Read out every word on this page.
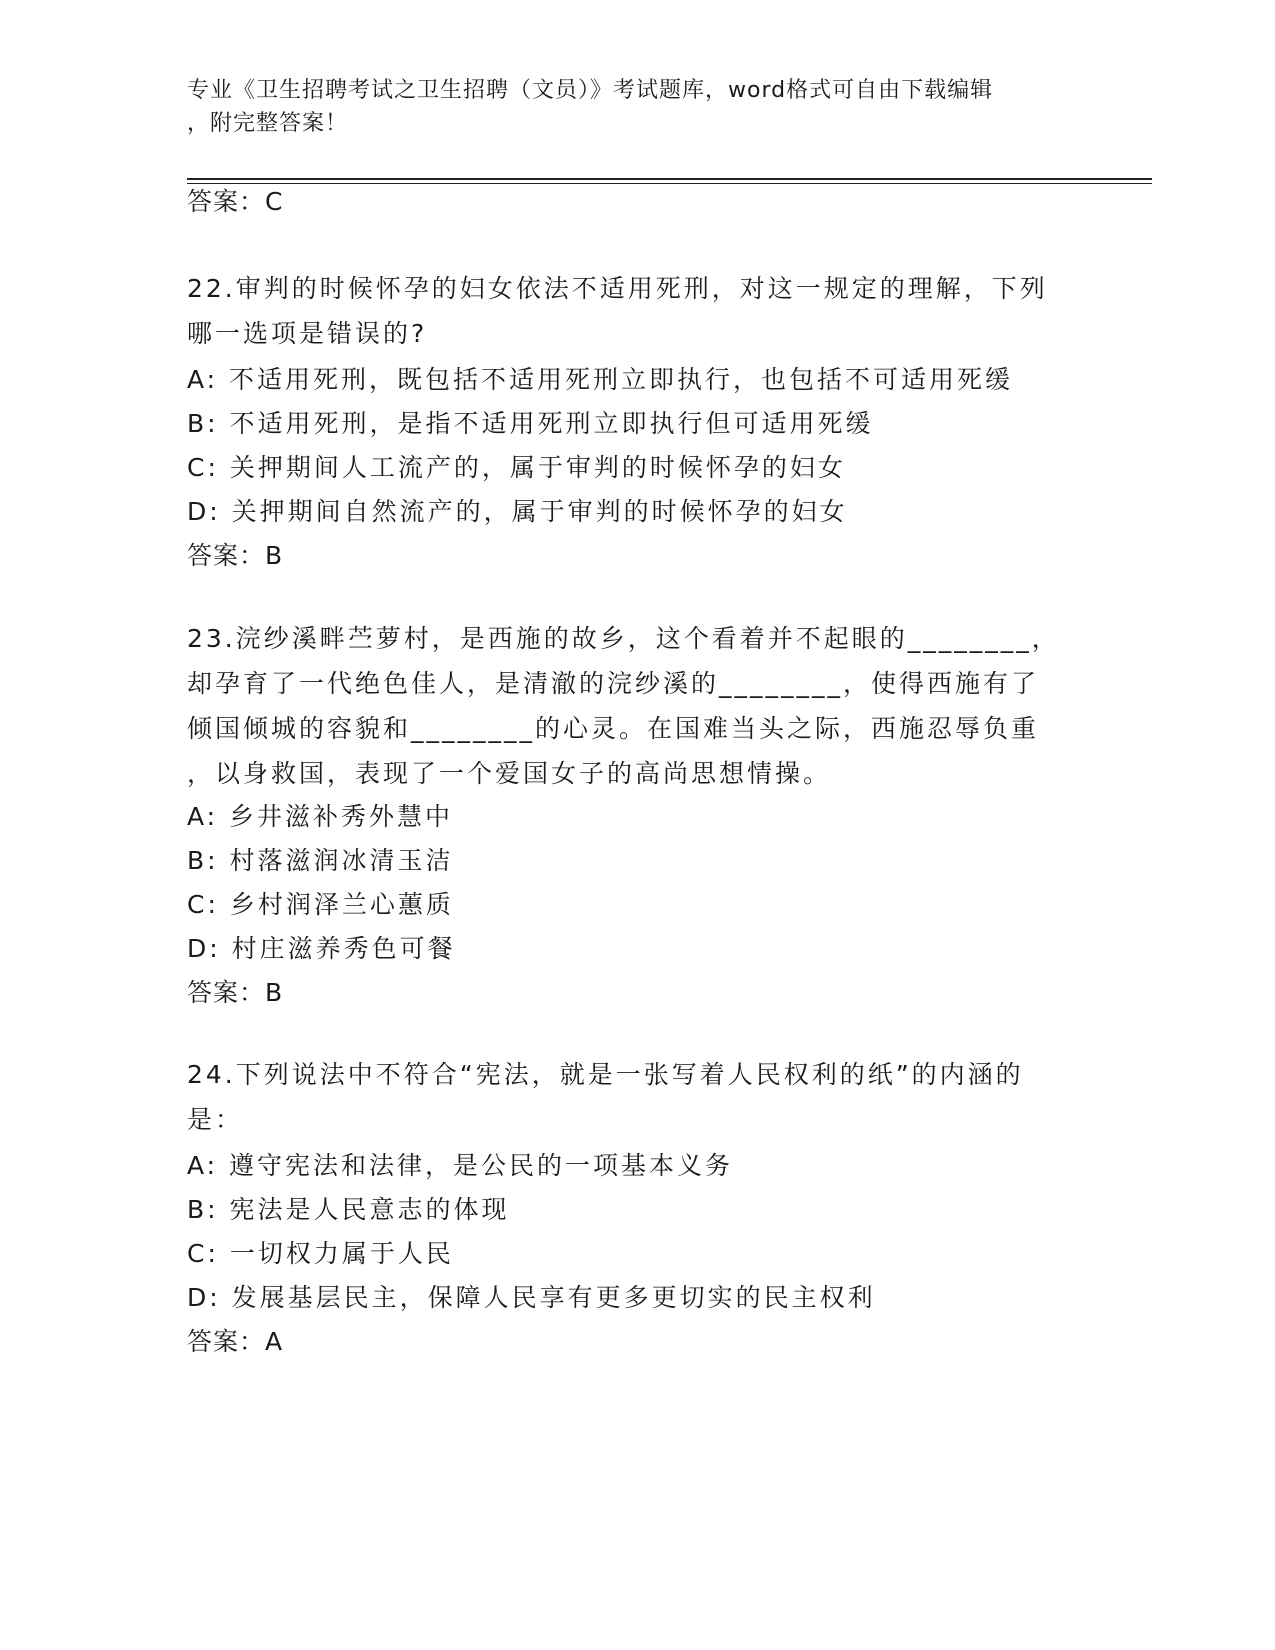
专业《卫生招聘考试之卫生招聘（文员）》考试题库，word格式可自由下载编辑
，附完整答案！
答案：C
22.审判的时候怀孕的妇女依法不适用死刑，对这一规定的理解，下列
哪一选项是错误的?
A: 不适用死刑，既包括不适用死刑立即执行，也包括不可适用死缓
B: 不适用死刑，是指不适用死刑立即执行但可适用死缓
C: 关押期间人工流产的，属于审判的时候怀孕的妇女
D: 关押期间自然流产的，属于审判的时候怀孕的妇女
答案：B
23.浣纱溪畔苎萝村，是西施的故乡，这个看着并不起眼的________，
却孕育了一代绝色佳人，是清澈的浣纱溪的________，使得西施有了
倾国倾城的容貌和________的心灵。在国难当头之际，西施忍辱负重
，以身救国，表现了一个爱国女子的高尚思想情操。
A: 乡井滋补秀外慧中
B: 村落滋润冰清玉洁
C: 乡村润泽兰心蕙质
D: 村庄滋养秀色可餐
答案：B
24.下列说法中不符合“宪法，就是一张写着人民权利的纸”的内涵的
是：
A: 遵守宪法和法律，是公民的一项基本义务
B: 宪法是人民意志的体现
C: 一切权力属于人民
D: 发展基层民主，保障人民享有更多更切实的民主权利
答案：A
